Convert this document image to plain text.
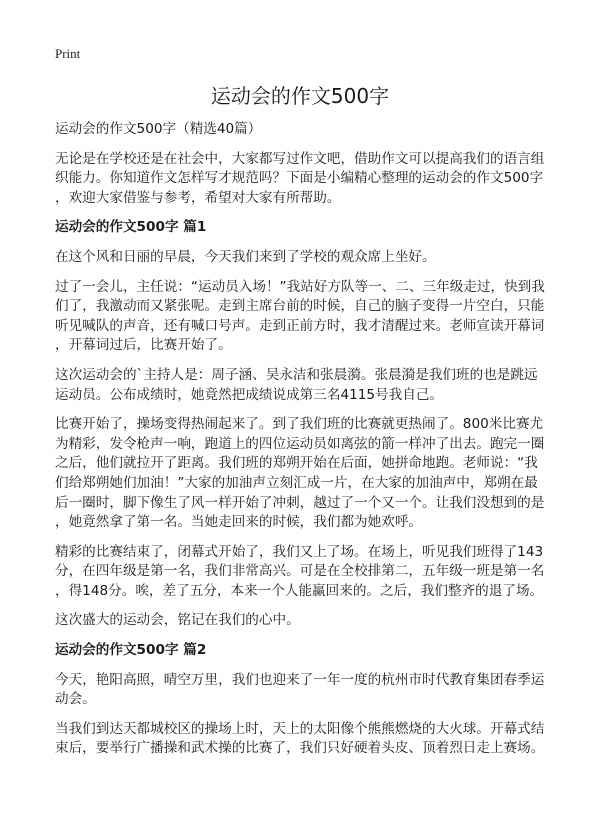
Print
运动会的作文500字

运动会的作文500字（精选40篇）

无论是在学校还是在社会中，大家都写过作文吧，借助作文可以提高我们的语言组
织能力。你知道作文怎样写才规范吗？下面是小编精心整理的运动会的作文500字
，欢迎大家借鉴与参考，希望对大家有所帮助。

运动会的作文500字 篇1

在这个风和日丽的早晨，今天我们来到了学校的观众席上坐好。

过了一会儿，主任说：“运动员入场！”我站好方队等一、二、三年级走过，快到我
们了，我激动而又紧张呢。走到主席台前的时候，自己的脑子变得一片空白，只能
听见喊队的声音，还有喊口号声。走到正前方时，我才清醒过来。老师宣读开幕词
，开幕词过后，比赛开始了。

这次运动会的`主持人是：周子涵、吴永洁和张晨漪。张晨漪是我们班的也是跳远
运动员。公布成绩时，她竟然把成绩说成第三名4115号我自己。

比赛开始了，操场变得热闹起来了。到了我们班的比赛就更热闹了。800米比赛尤
为精彩，发令枪声一响，跑道上的四位运动员如离弦的箭一样冲了出去。跑完一圈
之后，他们就拉开了距离。我们班的郑朔开始在后面，她拼命地跑。老师说：“我
们给郑朔她们加油！”大家的加油声立刻汇成一片，在大家的加油声中，郑朔在最
后一圈时，脚下像生了风一样开始了冲刺，越过了一个又一个。让我们没想到的是
，她竟然拿了第一名。当她走回来的时候，我们都为她欢呼。

精彩的比赛结束了，闭幕式开始了，我们又上了场。在场上，听见我们班得了143
分，在四年级是第一名，我们非常高兴。可是在全校排第二，五年级一班是第一名
，得148分。唉，差了五分，本来一个人能赢回来的。之后，我们整齐的退了场。

这次盛大的运动会，铭记在我们的心中。

运动会的作文500字 篇2

今天，艳阳高照，晴空万里，我们也迎来了一年一度的杭州市时代教育集团春季运
动会。

当我们到达天都城校区的操场上时，天上的太阳像个熊熊燃烧的大火球。开幕式结
束后，要举行广播操和武术操的比赛了，我们只好硬着头皮、顶着烈日走上赛场。
